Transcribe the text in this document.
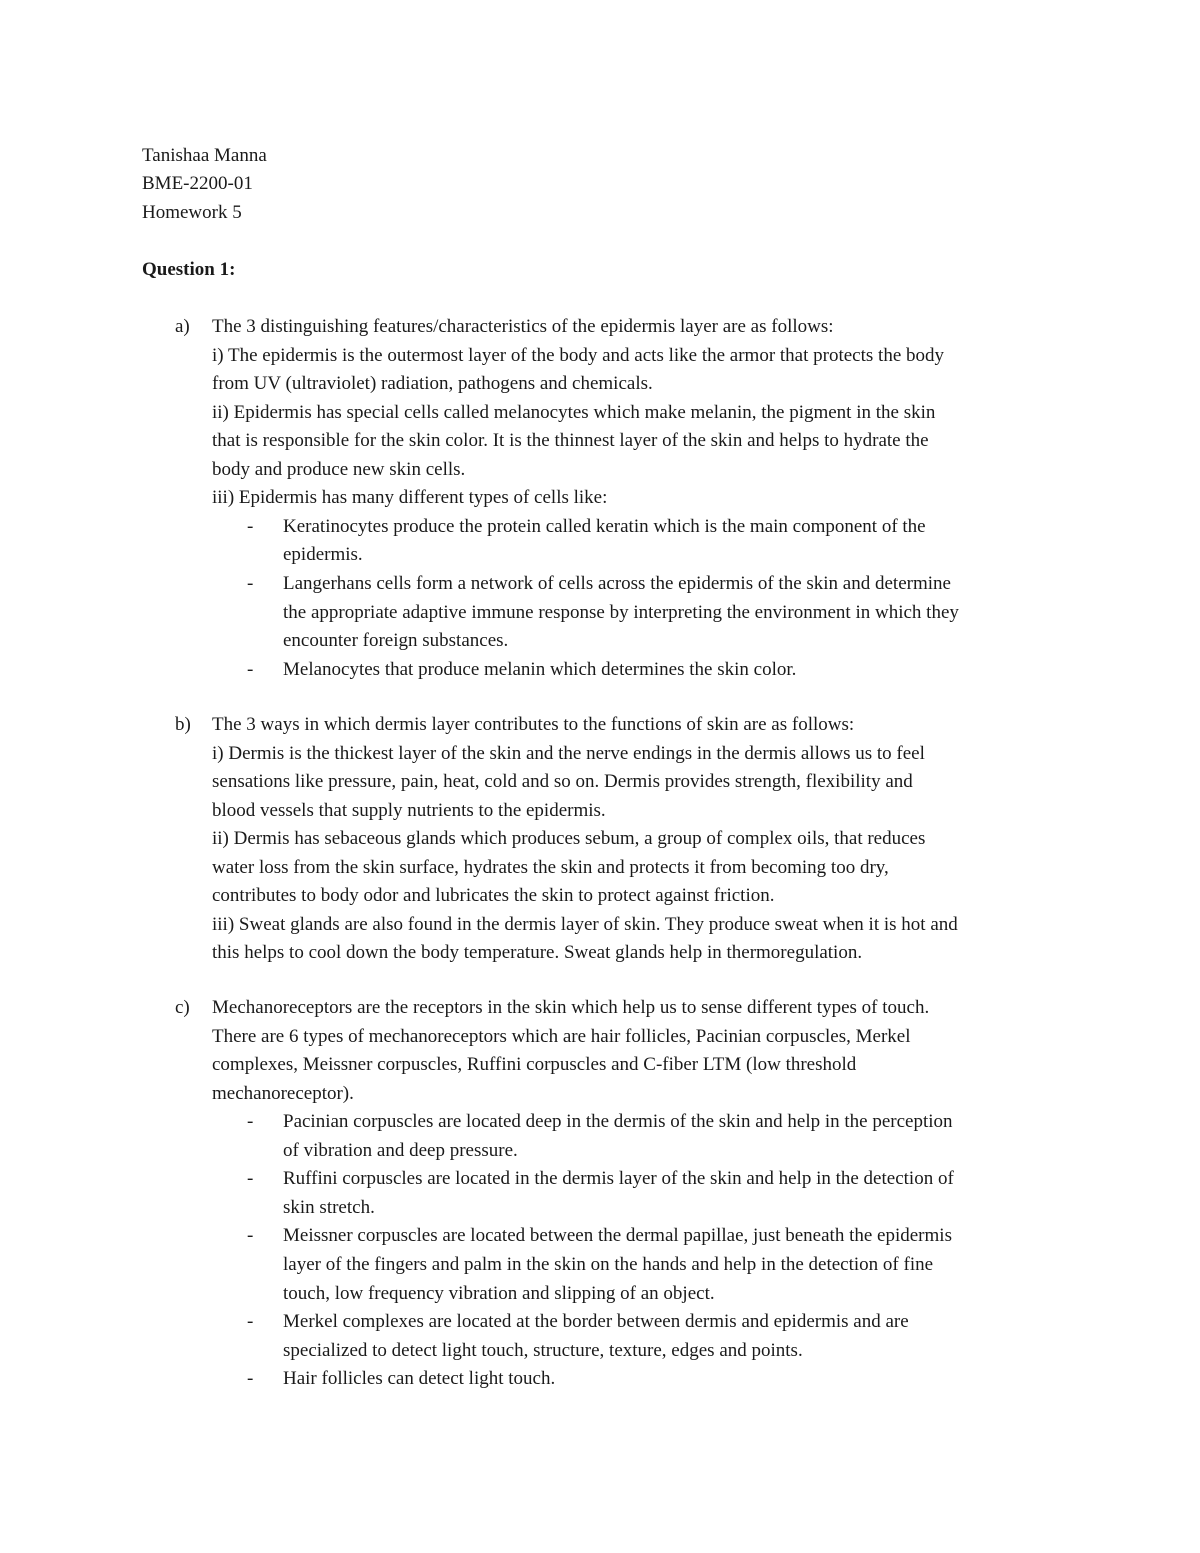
Tanishaa Manna
BME-2200-01
Homework 5
Question 1:
a) The 3 distinguishing features/characteristics of the epidermis layer are as follows:
i) The epidermis is the outermost layer of the body and acts like the armor that protects the body
from UV (ultraviolet) radiation, pathogens and chemicals.
ii) Epidermis has special cells called melanocytes which make melanin, the pigment in the skin
that is responsible for the skin color. It is the thinnest layer of the skin and helps to hydrate the
body and produce new skin cells.
iii) Epidermis has many different types of cells like:
- Keratinocytes produce the protein called keratin which is the main component of the
epidermis.
- Langerhans cells form a network of cells across the epidermis of the skin and determine
the appropriate adaptive immune response by interpreting the environment in which they
encounter foreign substances.
- Melanocytes that produce melanin which determines the skin color.
b) The 3 ways in which dermis layer contributes to the functions of skin are as follows:
i) Dermis is the thickest layer of the skin and the nerve endings in the dermis allows us to feel
sensations like pressure, pain, heat, cold and so on. Dermis provides strength, flexibility and
blood vessels that supply nutrients to the epidermis.
ii) Dermis has sebaceous glands which produces sebum, a group of complex oils, that reduces
water loss from the skin surface, hydrates the skin and protects it from becoming too dry,
contributes to body odor and lubricates the skin to protect against friction.
iii) Sweat glands are also found in the dermis layer of skin. They produce sweat when it is hot and
this helps to cool down the body temperature. Sweat glands help in thermoregulation.
c) Mechanoreceptors are the receptors in the skin which help us to sense different types of touch.
There are 6 types of mechanoreceptors which are hair follicles, Pacinian corpuscles, Merkel
complexes, Meissner corpuscles, Ruffini corpuscles and C-fiber LTM (low threshold
mechanoreceptor).
- Pacinian corpuscles are located deep in the dermis of the skin and help in the perception
of vibration and deep pressure.
- Ruffini corpuscles are located in the dermis layer of the skin and help in the detection of
skin stretch.
- Meissner corpuscles are located between the dermal papillae, just beneath the epidermis
layer of the fingers and palm in the skin on the hands and help in the detection of fine
touch, low frequency vibration and slipping of an object.
- Merkel complexes are located at the border between dermis and epidermis and are
specialized to detect light touch, structure, texture, edges and points.
- Hair follicles can detect light touch.
